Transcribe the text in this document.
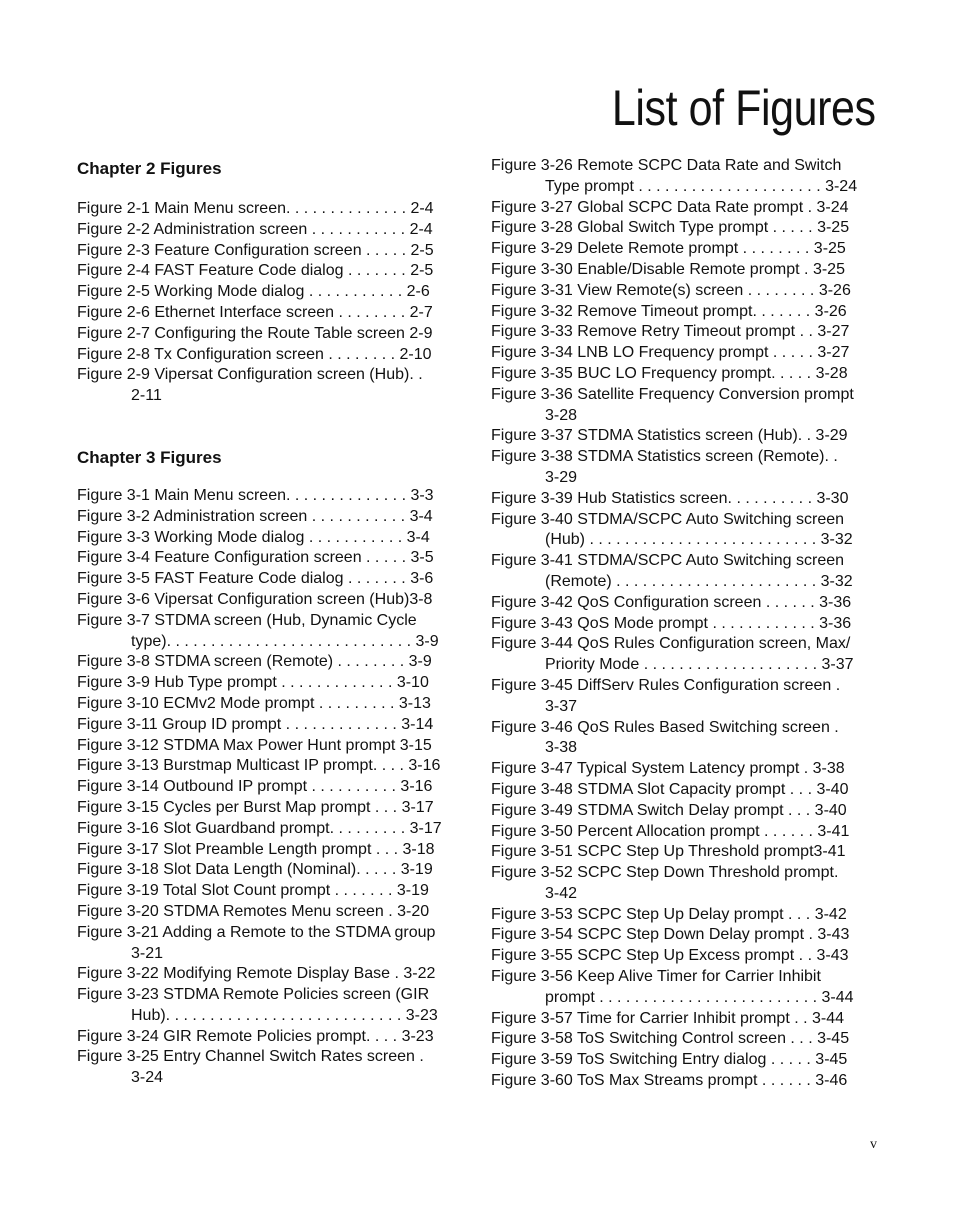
List of Figures
Chapter 2 Figures
Figure 2-1 Main Menu screen. . . . . . . . . . . . . . 2-4
Figure 2-2 Administration screen . . . . . . . . . . . 2-4
Figure 2-3 Feature Configuration screen . . . . . 2-5
Figure 2-4 FAST Feature Code dialog . . . . . . . 2-5
Figure 2-5 Working Mode dialog . . . . . . . . . . . 2-6
Figure 2-6 Ethernet Interface screen . . . . . . . . 2-7
Figure 2-7 Configuring the Route Table screen 2-9
Figure 2-8 Tx Configuration screen . . . . . . . . 2-10
Figure 2-9 Vipersat Configuration screen (Hub). .
2-11
Chapter 3 Figures
Figure 3-1 Main Menu screen. . . . . . . . . . . . . . 3-3
Figure 3-2 Administration screen . . . . . . . . . . . 3-4
Figure 3-3 Working Mode dialog . . . . . . . . . . . 3-4
Figure 3-4 Feature Configuration screen . . . . . 3-5
Figure 3-5 FAST Feature Code dialog . . . . . . . 3-6
Figure 3-6 Vipersat Configuration screen (Hub)3-8
Figure 3-7 STDMA screen (Hub, Dynamic Cycle
type). . . . . . . . . . . . . . . . . . . . . . . . . . . . 3-9
Figure 3-8 STDMA screen (Remote) . . . . . . . . 3-9
Figure 3-9 Hub Type prompt . . . . . . . . . . . . . 3-10
Figure 3-10 ECMv2 Mode prompt . . . . . . . . . 3-13
Figure 3-11 Group ID prompt . . . . . . . . . . . . . 3-14
Figure 3-12 STDMA Max Power Hunt prompt 3-15
Figure 3-13 Burstmap Multicast IP prompt. . . . 3-16
Figure 3-14 Outbound IP prompt . . . . . . . . . . 3-16
Figure 3-15 Cycles per Burst Map prompt . . . 3-17
Figure 3-16 Slot Guardband prompt. . . . . . . . . 3-17
Figure 3-17 Slot Preamble Length prompt . . . 3-18
Figure 3-18 Slot Data Length (Nominal). . . . . 3-19
Figure 3-19 Total Slot Count prompt . . . . . . . 3-19
Figure 3-20 STDMA Remotes Menu screen . 3-20
Figure 3-21 Adding a Remote to the STDMA group
3-21
Figure 3-22 Modifying Remote Display Base . 3-22
Figure 3-23 STDMA Remote Policies screen (GIR
Hub). . . . . . . . . . . . . . . . . . . . . . . . . . . 3-23
Figure 3-24 GIR Remote Policies prompt. . . . 3-23
Figure 3-25 Entry Channel Switch Rates screen .
3-24
Figure 3-26 Remote SCPC Data Rate and Switch
Type prompt . . . . . . . . . . . . . . . . . . . . . 3-24
Figure 3-27 Global SCPC Data Rate prompt . 3-24
Figure 3-28 Global Switch Type prompt . . . . . 3-25
Figure 3-29 Delete Remote prompt . . . . . . . . 3-25
Figure 3-30 Enable/Disable Remote prompt . 3-25
Figure 3-31 View Remote(s) screen . . . . . . . . 3-26
Figure 3-32 Remove Timeout prompt. . . . . . . 3-26
Figure 3-33 Remove Retry Timeout prompt . . 3-27
Figure 3-34 LNB LO Frequency prompt . . . . . 3-27
Figure 3-35 BUC LO Frequency prompt. . . . . 3-28
Figure 3-36 Satellite Frequency Conversion prompt
3-28
Figure 3-37 STDMA Statistics screen (Hub). . 3-29
Figure 3-38 STDMA Statistics screen (Remote). .
3-29
Figure 3-39 Hub Statistics screen. . . . . . . . . . 3-30
Figure 3-40 STDMA/SCPC Auto Switching screen
(Hub) . . . . . . . . . . . . . . . . . . . . . . . . . . 3-32
Figure 3-41 STDMA/SCPC Auto Switching screen
(Remote) . . . . . . . . . . . . . . . . . . . . . . . 3-32
Figure 3-42 QoS Configuration screen . . . . . . 3-36
Figure 3-43 QoS Mode prompt . . . . . . . . . . . . 3-36
Figure 3-44 QoS Rules Configuration screen, Max/
Priority Mode . . . . . . . . . . . . . . . . . . . . 3-37
Figure 3-45 DiffServ Rules Configuration screen .
3-37
Figure 3-46 QoS Rules Based Switching screen .
3-38
Figure 3-47 Typical System Latency prompt . 3-38
Figure 3-48 STDMA Slot Capacity prompt . . . 3-40
Figure 3-49 STDMA Switch Delay prompt . . . 3-40
Figure 3-50 Percent Allocation prompt . . . . . . 3-41
Figure 3-51 SCPC Step Up Threshold prompt3-41
Figure 3-52 SCPC Step Down Threshold prompt.
3-42
Figure 3-53 SCPC Step Up Delay prompt . . . 3-42
Figure 3-54 SCPC Step Down Delay prompt . 3-43
Figure 3-55 SCPC Step Up Excess prompt . . 3-43
Figure 3-56 Keep Alive Timer for Carrier Inhibit
prompt . . . . . . . . . . . . . . . . . . . . . . . . . 3-44
Figure 3-57 Time for Carrier Inhibit prompt . . 3-44
Figure 3-58 ToS Switching Control screen . . . 3-45
Figure 3-59 ToS Switching Entry dialog . . . . . 3-45
Figure 3-60 ToS Max Streams prompt . . . . . . 3-46
v
